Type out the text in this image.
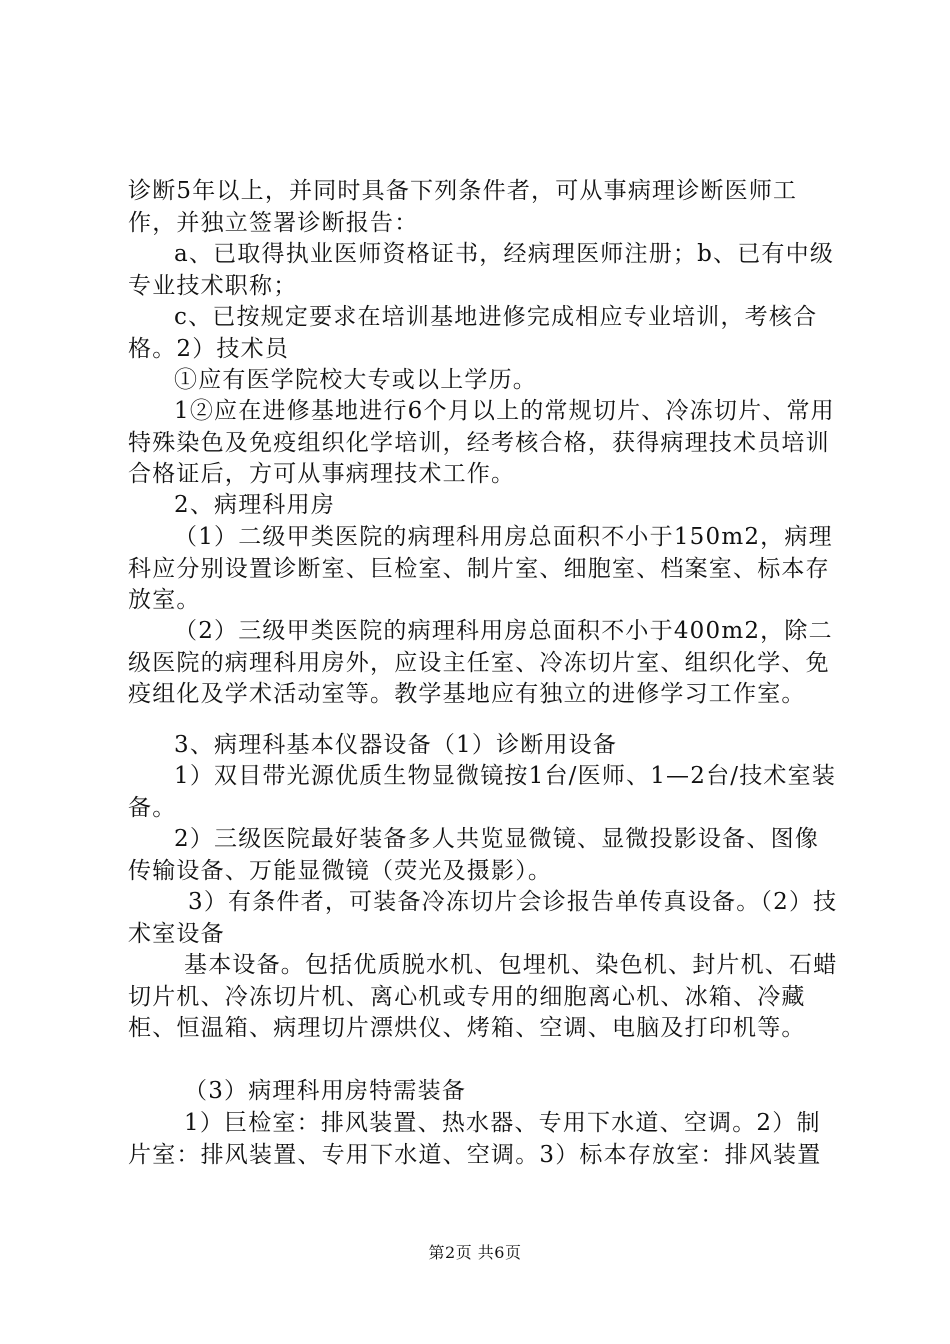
诊断5年以上，并同时具备下列条件者，可从事病理诊断医师工作，并独立签署诊断报告：

a、已取得执业医师资格证书，经病理医师注册；b、已有中级专业技术职称；

c、已按规定要求在培训基地进修完成相应专业培训，考核合格。2）技术员

①应有医学院校大专或以上学历。

1②应在进修基地进行6个月以上的常规切片、冷冻切片、常用特殊染色及免疫组织化学培训，经考核合格，获得病理技术员培训合格证后，方可从事病理技术工作。

2、病理科用房

（1）二级甲类医院的病理科用房总面积不小于150m2，病理科应分别设置诊断室、巨检室、制片室、细胞室、档案室、标本存放室。

（2）三级甲类医院的病理科用房总面积不小于400m2，除二级医院的病理科用房外，应设主任室、冷冻切片室、组织化学、免疫组化及学术活动室等。教学基地应有独立的进修学习工作室。

3、病理科基本仪器设备（1）诊断用设备

1）双目带光源优质生物显微镜按1台/医师、1—2台/技术室装备。

2）三级医院最好装备多人共览显微镜、显微投影设备、图像传输设备、万能显微镜（荧光及摄影）。

3）有条件者，可装备冷冻切片会诊报告单传真设备。（2）技术室设备

基本设备。包括优质脱水机、包埋机、染色机、封片机、石蜡切片机、冷冻切片机、离心机或专用的细胞离心机、冰箱、冷藏柜、恒温箱、病理切片漂烘仪、烤箱、空调、电脑及打印机等。

（3）病理科用房特需装备

1）巨检室：排风装置、热水器、专用下水道、空调。2）制片室：排风装置、专用下水道、空调。3）标本存放室：排风装置

第2页 共6页
